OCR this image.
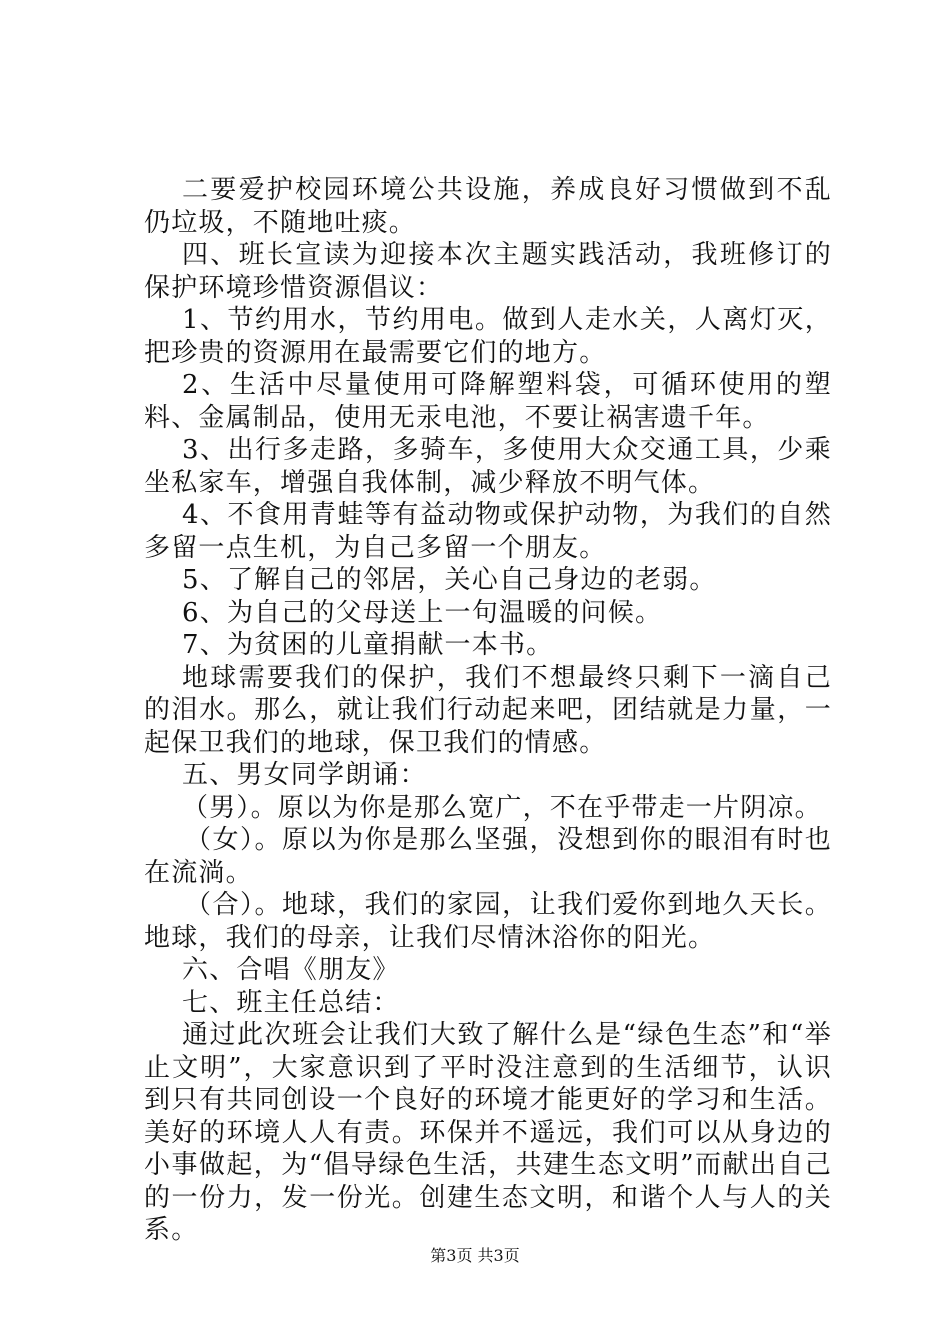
二要爱护校园环境公共设施，养成良好习惯做到不乱仍垃圾，不随地吐痰。

四、班长宣读为迎接本次主题实践活动，我班修订的保护环境珍惜资源倡议：

1、节约用水，节约用电。做到人走水关，人离灯灭，把珍贵的资源用在最需要它们的地方。

2、生活中尽量使用可降解塑料袋，可循环使用的塑料、金属制品，使用无汞电池，不要让祸害遗千年。

3、出行多走路，多骑车，多使用大众交通工具，少乘坐私家车，增强自我体制，减少释放不明气体。

4、不食用青蛙等有益动物或保护动物，为我们的自然多留一点生机，为自己多留一个朋友。

5、了解自己的邻居，关心自己身边的老弱。

6、为自己的父母送上一句温暖的问候。

7、为贫困的儿童捐献一本书。

地球需要我们的保护，我们不想最终只剩下一滴自己的泪水。那么，就让我们行动起来吧，团结就是力量，一起保卫我们的地球，保卫我们的情感。

五、男女同学朗诵：

（男）。原以为你是那么宽广，不在乎带走一片阴凉。

（女）。原以为你是那么坚强，没想到你的眼泪有时也在流淌。

（合）。地球，我们的家园，让我们爱你到地久天长。地球，我们的母亲，让我们尽情沐浴你的阳光。

六、合唱《朋友》

七、班主任总结：

通过此次班会让我们大致了解什么是“绿色生态”和“举止文明”，大家意识到了平时没注意到的生活细节，认识到只有共同创设一个良好的环境才能更好的学习和生活。美好的环境人人有责。环保并不遥远，我们可以从身边的小事做起，为“倡导绿色生活，共建生态文明”而献出自己的一份力，发一份光。创建生态文明，和谐个人与人的关系。

第3页 共3页
